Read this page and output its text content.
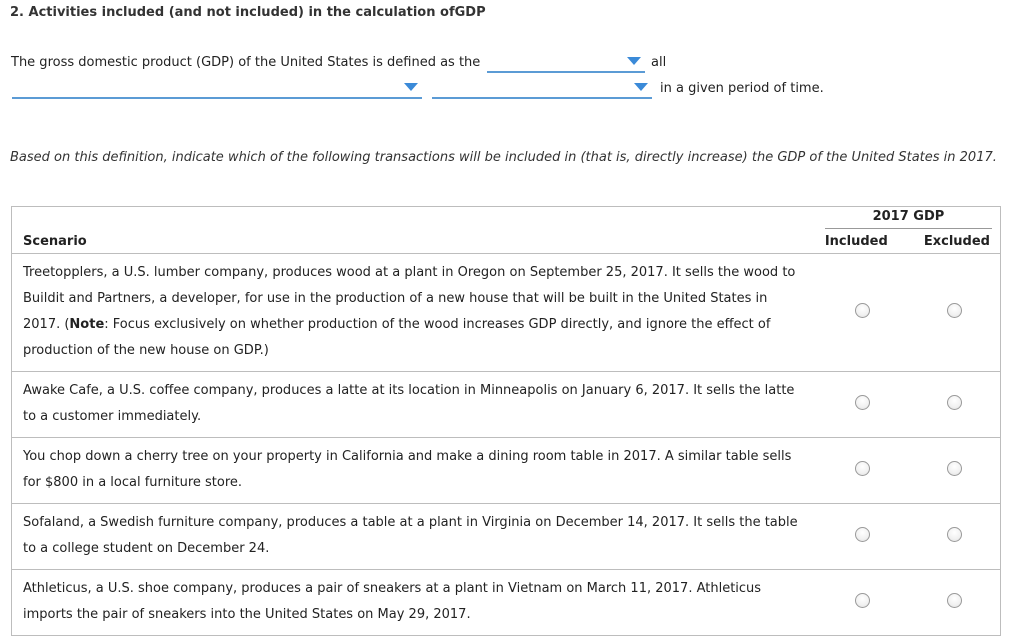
2. Activities included (and not included) in the calculation ofGDP
The gross domestic product (GDP) of the United States is defined as the	all
in a given period of time.
Based on this definition, indicate which of the following transactions will be included in (that is, directly increase) the GDP of the United States in 2017.
Scenario	2017 GDP
Included Excluded	

Treetopplers, a U.S. lumber company, produces wood at a plant in Oregon on September 25, 2017. It sells the wood to Buildit and Partners, a developer, for use in the production of a new house that will be built in the United States in 2017. (Note: Focus exclusively on whether production of the wood increases GDP directly, and ignore the effect of production of the new house on GDP.)		
Awake Cafe, a U.S. coffee company, produces a latte at its location in Minneapolis on January 6, 2017. It sells the latte to a customer immediately.		
You chop down a cherry tree on your property in California and make a dining room table in 2017. A similar table sells for $800 in a local furniture store.		
Sofaland, a Swedish furniture company, produces a table at a plant in Virginia on December 14, 2017. It sells the table to a college student on December 24.		
Athleticus, a U.S. shoe company, produces a pair of sneakers at a plant in Vietnam on March 11, 2017. Athleticus imports the pair of sneakers into the United States on May 29, 2017.		
